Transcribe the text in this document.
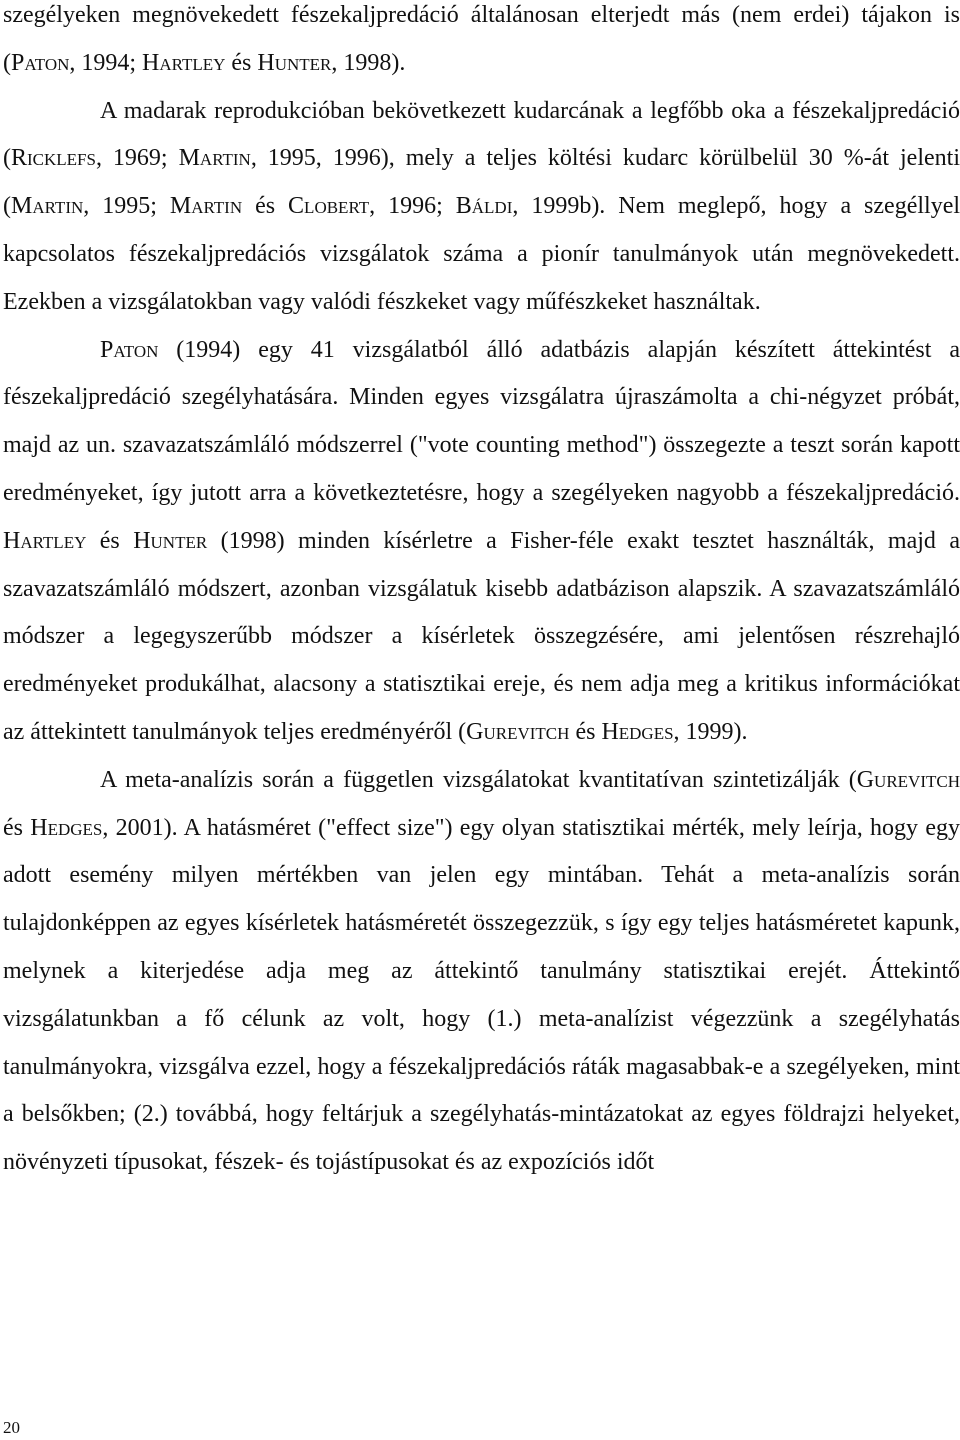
szegélyeken megnövekedett fészekaljpredáció általánosan elterjedt más (nem erdei) tájakon is (Paton, 1994; Hartley és Hunter, 1998).

A madarak reprodukcióban bekövetkezett kudarcának a legfőbb oka a fészekaljpredáció (Ricklefs, 1969; Martin, 1995, 1996), mely a teljes költési kudarc körülbelül 30 %-át jelenti (Martin, 1995; Martin és Clobert, 1996; Báldi, 1999b). Nem meglepő, hogy a szegéllyel kapcsolatos fészekaljpredációs vizsgálatok száma a pionír tanulmányok után megnövekedett. Ezekben a vizsgálatokban vagy valódi fészkeket vagy műfészkeket használtak.

Paton (1994) egy 41 vizsgálatból álló adatbázis alapján készített áttekintést a fészekaljpredáció szegélyhatására. Minden egyes vizsgálatra újraszámolta a chi-négyzet próbát, majd az un. szavazatszámláló módszerrel ("vote counting method") összegezte a teszt során kapott eredményeket, így jutott arra a következtetésre, hogy a szegélyeken nagyobb a fészekaljpredáció. Hartley és Hunter (1998) minden kísérletre a Fisher-féle exakt tesztet használták, majd a szavazatszámláló módszert, azonban vizsgálatuk kisebb adatbázison alapszik. A szavazatszámláló módszer a legegyszerűbb módszer a kísérletek összegzésére, ami jelentősen részrehajló eredményeket produkálhat, alacsony a statisztikai ereje, és nem adja meg a kritikus információkat az áttekintett tanulmányok teljes eredményéről (Gurevitch és Hedges, 1999).

A meta-analízis során a független vizsgálatokat kvantitatívan szintetizálják (Gurevitch és Hedges, 2001). A hatásméret ("effect size") egy olyan statisztikai mérték, mely leírja, hogy egy adott esemény milyen mértékben van jelen egy mintában. Tehát a meta-analízis során tulajdonképpen az egyes kísérletek hatásméretét összegezzük, s így egy teljes hatásméretet kapunk, melynek a kiterjedése adja meg az áttekintő tanulmány statisztikai erejét. Áttekintő vizsgálatunkban a fő célunk az volt, hogy (1.) meta-analízist végezzünk a szegélyhatás tanulmányokra, vizsgálva ezzel, hogy a fészekaljpredációs ráták magasabbak-e a szegélyeken, mint a belsőkben; (2.) továbbá, hogy feltárjuk a szegélyhatás-mintázatokat az egyes földrajzi helyeket, növényzeti típusokat, fészek- és tojástípusokat és az expozíciós időt

20
